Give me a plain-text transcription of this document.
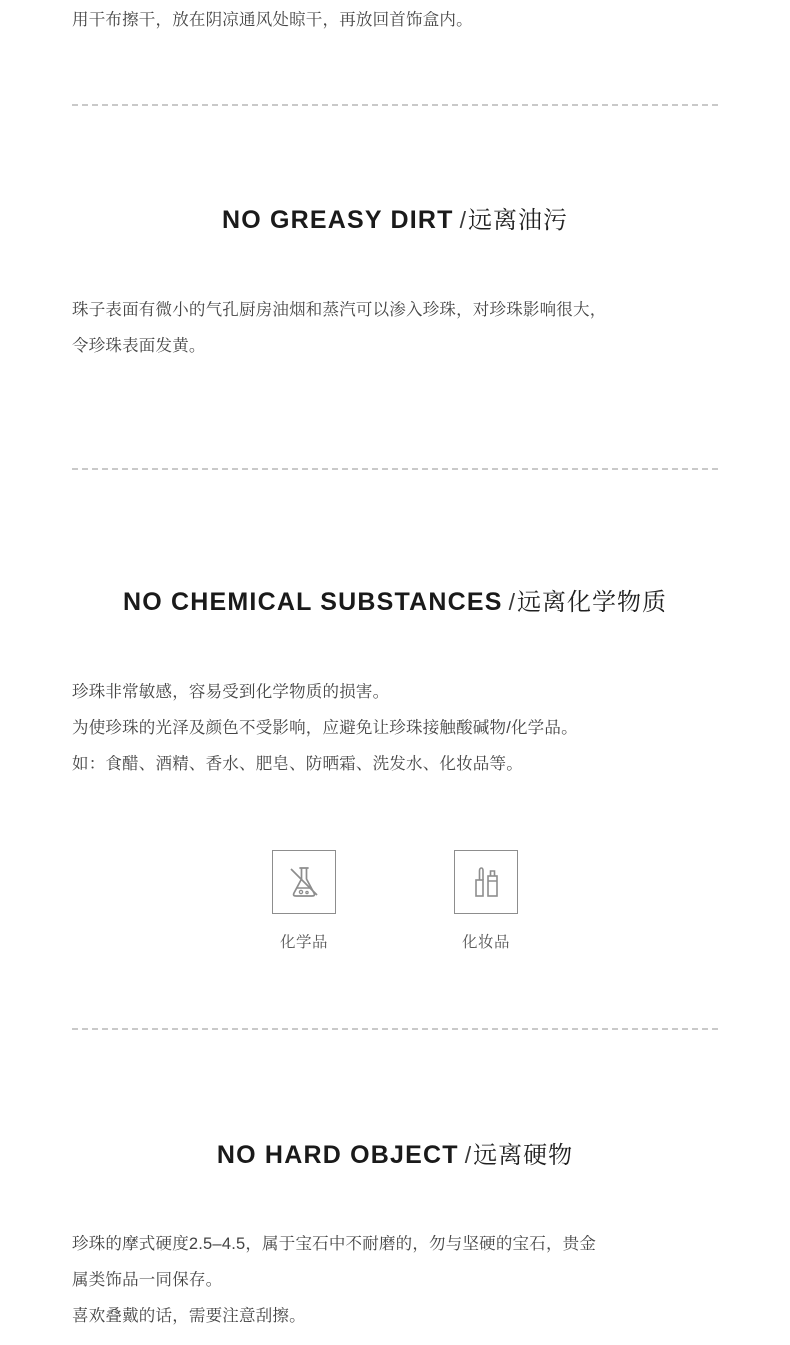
用干布擦干，放在阴凉通风处晾干，再放回首饰盒内。

NO GREASY DIRT /远离油污

珠子表面有微小的气孔厨房油烟和蒸汽可以渗入珍珠，对珍珠影响很大，

令珍珠表面发黄。

NO CHEMICAL SUBSTANCES /远离化学物质

珍珠非常敏感，容易受到化学物质的损害。

为使珍珠的光泽及颜色不受影响，应避免让珍珠接触酸碱物/化学品。

如：食醋、酒精、香水、肥皂、防晒霜、洗发水、化妆品等。

化学品	化妆品
NO HARD OBJECT /远离硬物

珍珠的摩式硬度2.5–4.5，属于宝石中不耐磨的，勿与坚硬的宝石，贵金

属类饰品一同保存。

喜欢叠戴的话，需要注意刮擦。
